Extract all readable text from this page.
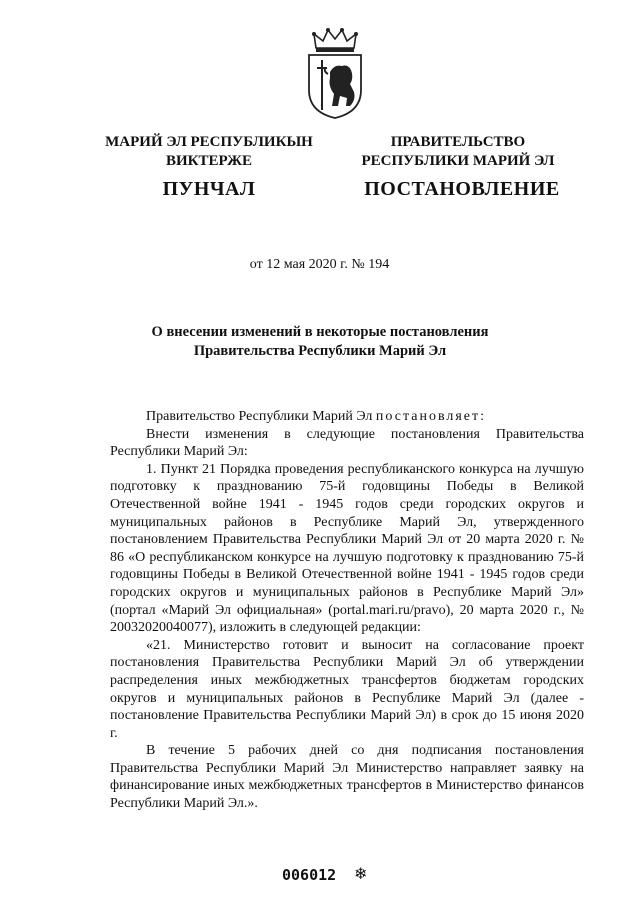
МАРИЙ ЭЛ РЕСПУБЛИКЫН
ВИКТЕРЖЕ
ПРАВИТЕЛЬСТВО
РЕСПУБЛИКИ МАРИЙ ЭЛ
ПУНЧАЛ	ПОСТАНОВЛЕНИЕ
от 12 мая 2020 г. № 194
О внесении изменений в некоторые постановления
Правительства Республики Марий Эл

Правительство Республики Марий Эл постановляет:

Внести изменения в следующие постановления Правительства Республики Марий Эл:

1. Пункт 21 Порядка проведения республиканского конкурса на лучшую подготовку к празднованию 75-й годовщины Победы в Великой Отечественной войне 1941 - 1945 годов среди городских округов и муниципальных районов в Республике Марий Эл, утвержденного постановлением Правительства Республики Марий Эл от 20 марта 2020 г. № 86 «О республиканском конкурсе на лучшую подготовку к празднованию 75-й годовщины Победы в Великой Отечественной войне 1941 - 1945 годов среди городских округов и муниципальных районов в Республике Марий Эл» (портал «Марий Эл официальная» (portal.mari.ru/pravo), 20 марта 2020 г., № 20032020040077), изложить в следующей редакции:

«21. Министерство готовит и выносит на согласование проект постановления Правительства Республики Марий Эл об утверждении распределения иных межбюджетных трансфертов бюджетам городских округов и муниципальных районов в Республике Марий Эл (далее - постановление Правительства Республики Марий Эл) в срок до 15 июня 2020 г.

В течение 5 рабочих дней со дня подписания постановления Правительства Республики Марий Эл Министерство направляет заявку на финансирование иных межбюджетных трансфертов в Министерство финансов Республики Марий Эл.».

006012 ❄
